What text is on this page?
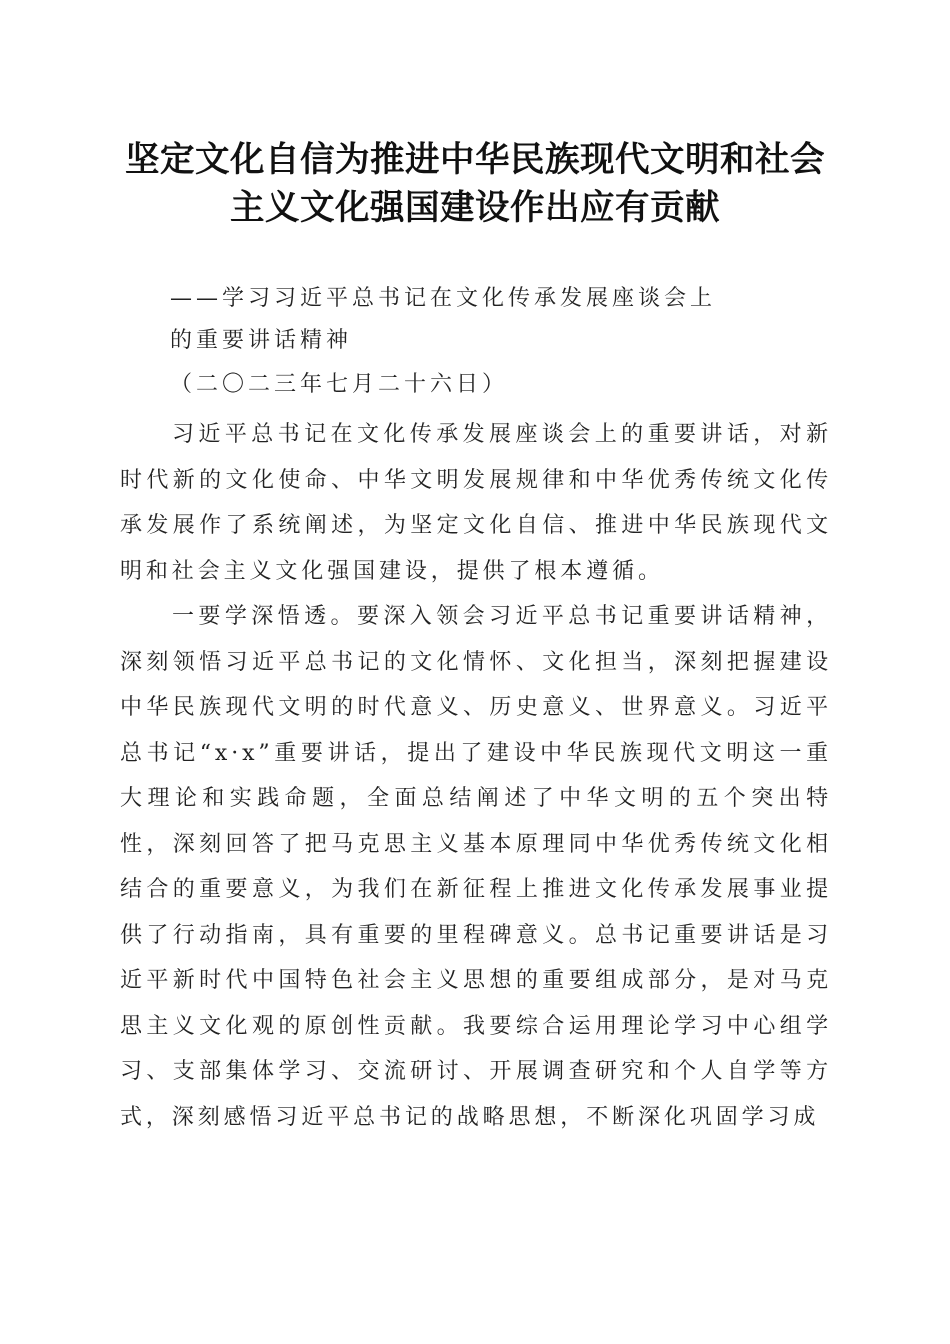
坚定文化自信为推进中华民族现代文明和社会
主义文化强国建设作出应有贡献
——学习习近平总书记在文化传承发展座谈会上
的重要讲话精神
（二〇二三年七月二十六日）
习近平总书记在文化传承发展座谈会上的重要讲话，对新时代新的文化使命、中华文明发展规律和中华优秀传统文化传承发展作了系统阐述，为坚定文化自信、推进中华民族现代文明和社会主义文化强国建设，提供了根本遵循。
一要学深悟透。要深入领会习近平总书记重要讲话精神，深刻领悟习近平总书记的文化情怀、文化担当，深刻把握建设中华民族现代文明的时代意义、历史意义、世界意义。习近平总书记“x·x”重要讲话，提出了建设中华民族现代文明这一重大理论和实践命题，全面总结阐述了中华文明的五个突出特性，深刻回答了把马克思主义基本原理同中华优秀传统文化相结合的重要意义，为我们在新征程上推进文化传承发展事业提供了行动指南，具有重要的里程碑意义。总书记重要讲话是习近平新时代中国特色社会主义思想的重要组成部分，是对马克思主义文化观的原创性贡献。我要综合运用理论学习中心组学习、支部集体学习、交流研讨、开展调查研究和个人自学等方式，深刻感悟习近平总书记的战略思想，不断深化巩固学习成
